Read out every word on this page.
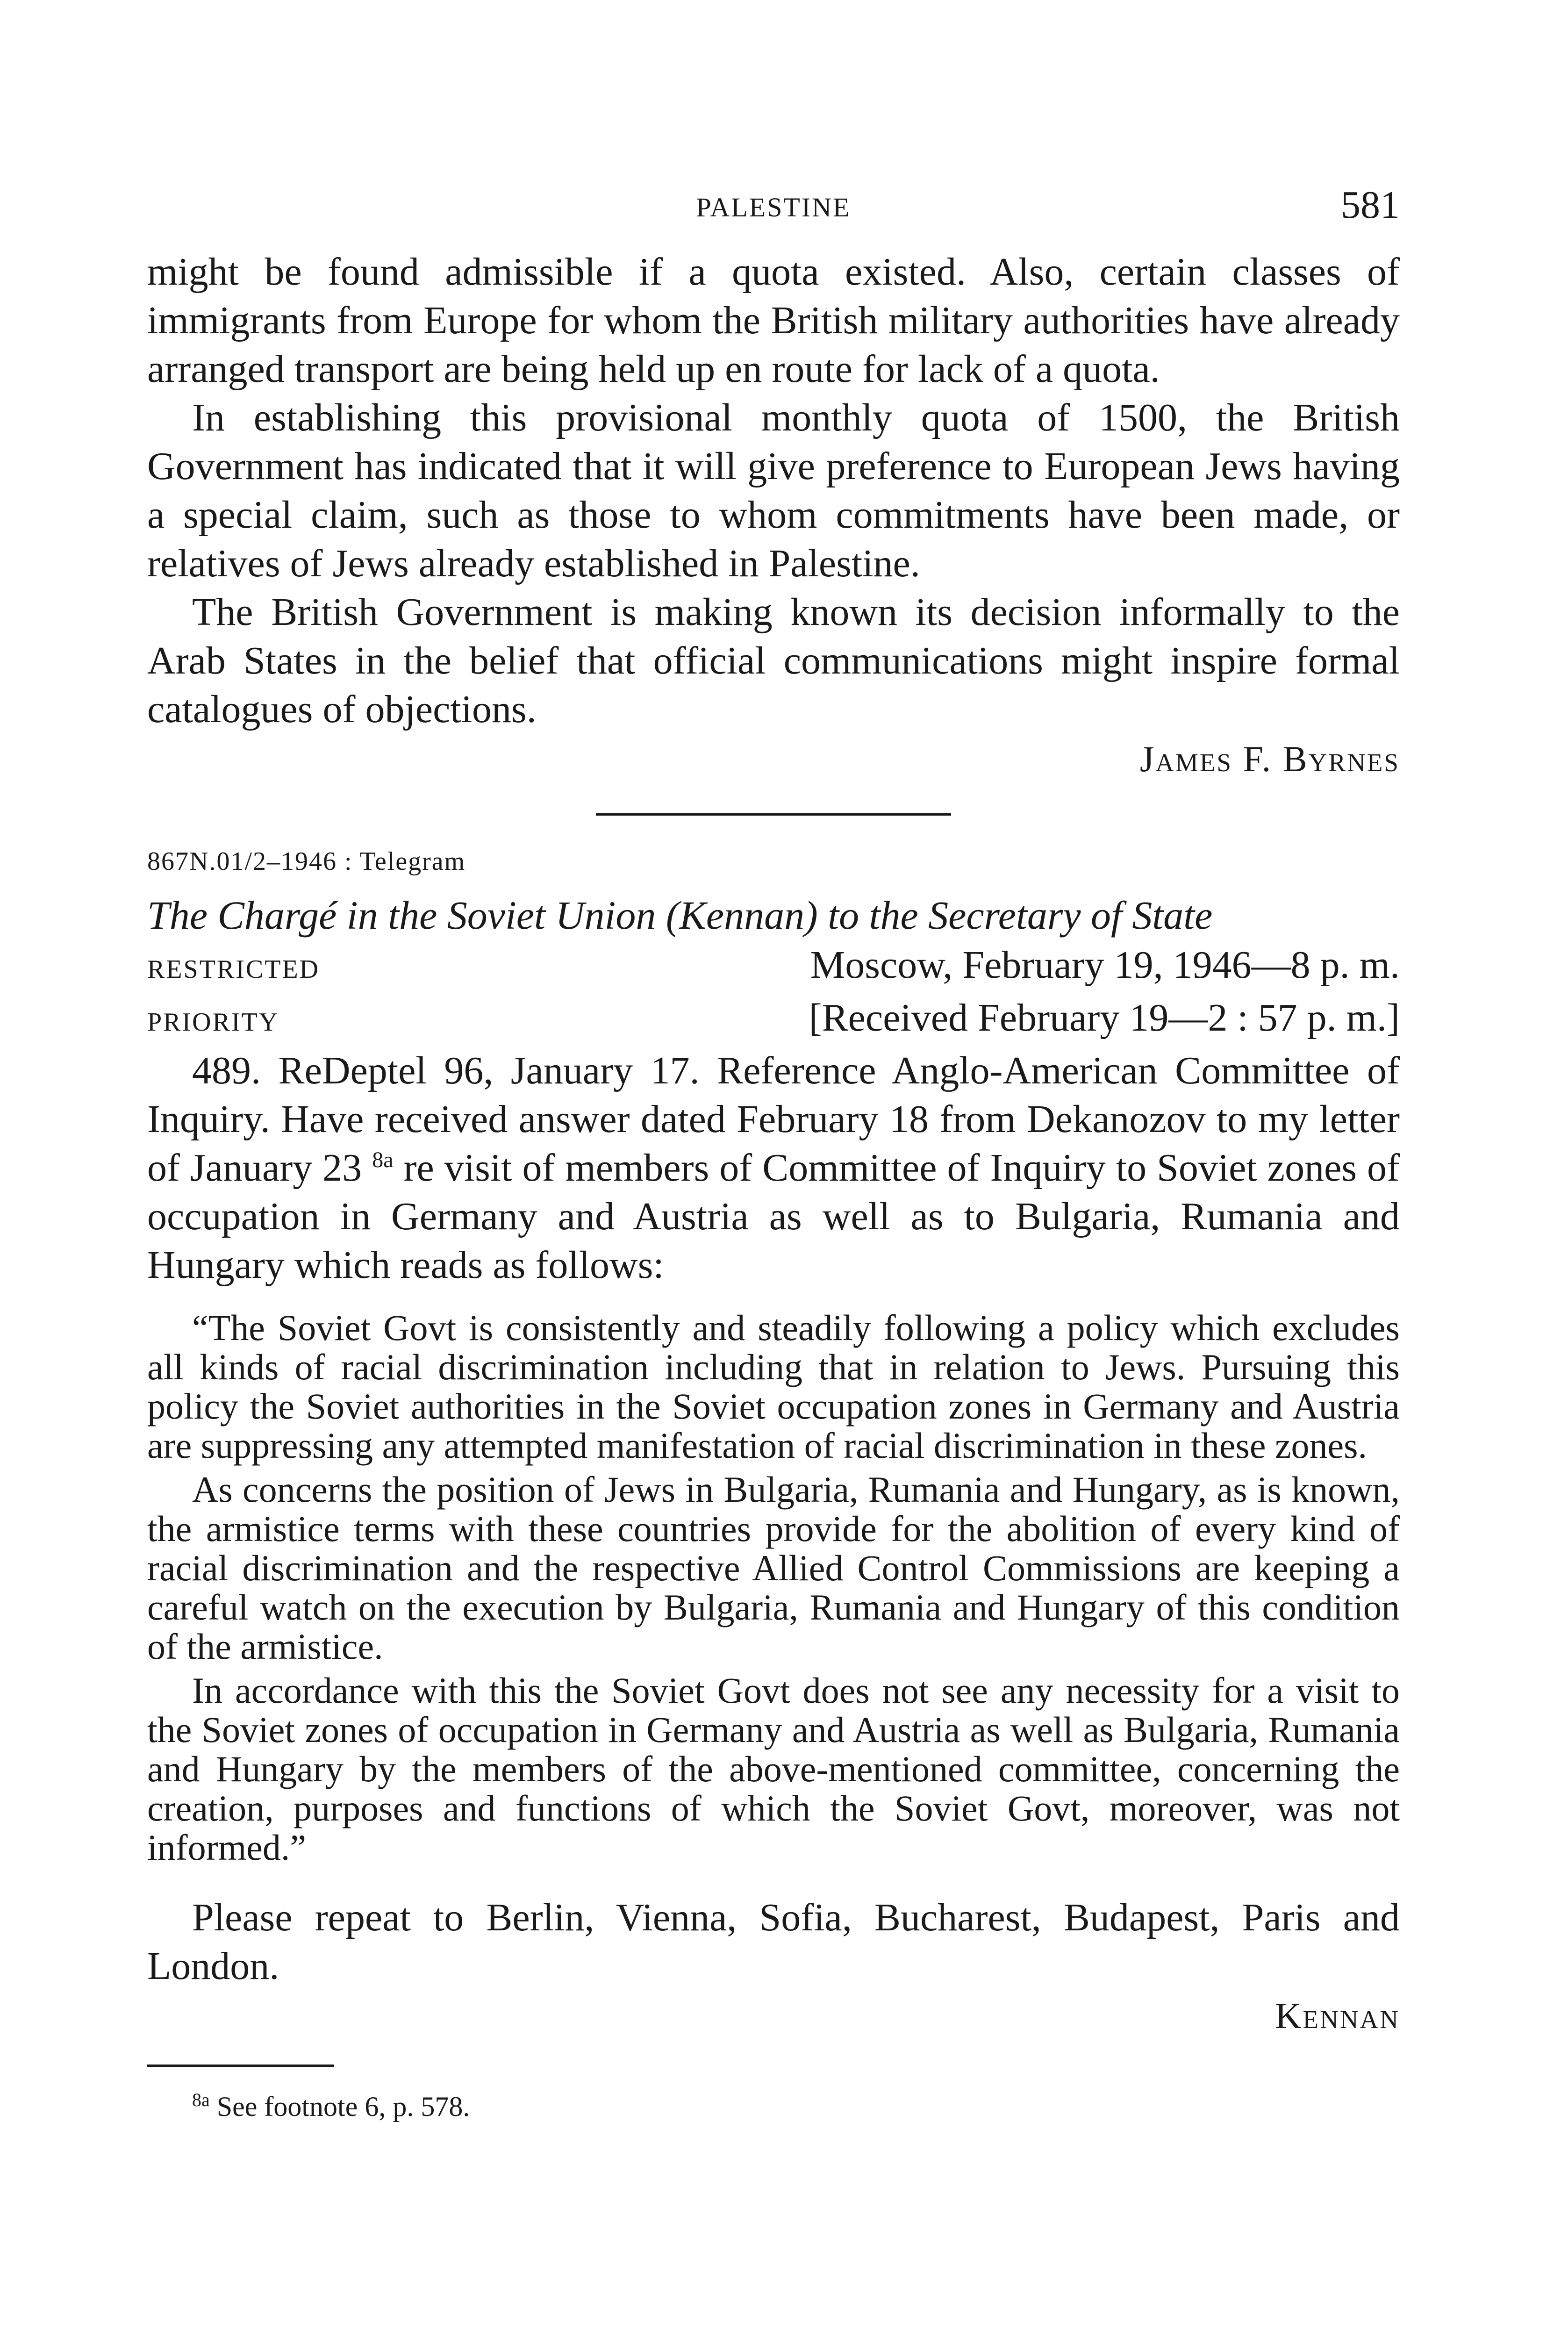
PALESTINE	581

might be found admissible if a quota existed. Also, certain classes of immigrants from Europe for whom the British military authorities have already arranged transport are being held up en route for lack of a quota.

In establishing this provisional monthly quota of 1500, the British Government has indicated that it will give preference to European Jews having a special claim, such as those to whom commitments have been made, or relatives of Jews already established in Palestine.

The British Government is making known its decision informally to the Arab States in the belief that official communications might inspire formal catalogues of objections.

James F. Byrnes
867N.01/2–1946 : Telegram
The Chargé in the Soviet Union (Kennan) to the Secretary of State
RESTRICTED	Moscow, February 19, 1946—8 p. m.
PRIORITY	[Received February 19—2 : 57 p. m.]

489. ReDeptel 96, January 17. Reference Anglo-American Committee of Inquiry. Have received answer dated February 18 from Dekanozov to my letter of January 23 $^{8a}$ re visit of members of Committee of Inquiry to Soviet zones of occupation in Germany and Austria as well as to Bulgaria, Rumania and Hungary which reads as follows:

“The Soviet Govt is consistently and steadily following a policy which excludes all kinds of racial discrimination including that in relation to Jews. Pursuing this policy the Soviet authorities in the Soviet occupation zones in Germany and Austria are suppressing any attempted manifestation of racial discrimination in these zones.

As concerns the position of Jews in Bulgaria, Rumania and Hungary, as is known, the armistice terms with these countries provide for the abolition of every kind of racial discrimination and the respective Allied Control Commissions are keeping a careful watch on the execution by Bulgaria, Rumania and Hungary of this condition of the armistice.

In accordance with this the Soviet Govt does not see any necessity for a visit to the Soviet zones of occupation in Germany and Austria as well as Bulgaria, Rumania and Hungary by the members of the above-mentioned committee, concerning the creation, purposes and functions of which the Soviet Govt, moreover, was not informed.”

Please repeat to Berlin, Vienna, Sofia, Bucharest, Budapest, Paris and London.

Kennan
$^{8a}$ See footnote 6, p. 578.
